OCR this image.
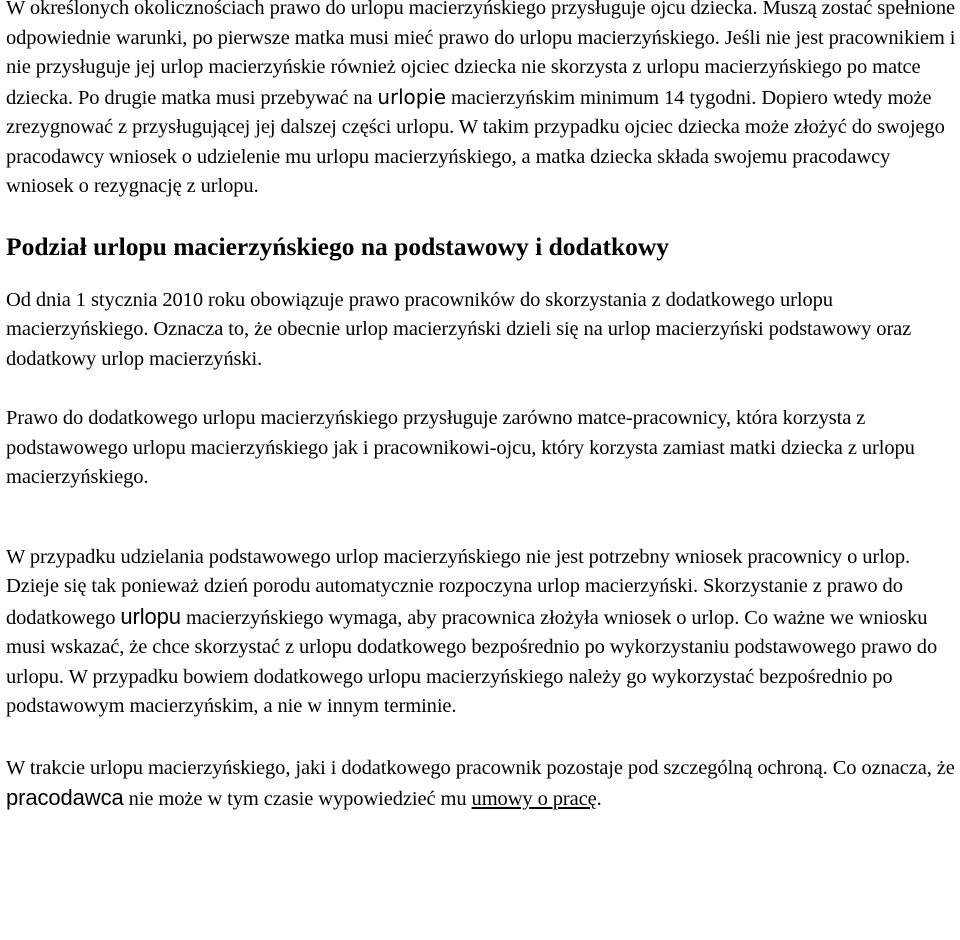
W określonych okolicznościach prawo do urlopu macierzyńskiego przysługuje ojcu dziecka. Muszą zostać spełnione odpowiednie warunki, po pierwsze matka musi mieć prawo do urlopu macierzyńskiego. Jeśli nie jest pracownikiem i nie przysługuje jej urlop macierzyńskie również ojciec dziecka nie skorzysta z urlopu macierzyńskiego po matce dziecka. Po drugie matka musi przebywać na urlopie macierzyńskim minimum 14 tygodni. Dopiero wtedy może zrezygnować z przysługującej jej dalszej części urlopu. W takim przypadku ojciec dziecka może złożyć do swojego pracodawcy wniosek o udzielenie mu urlopu macierzyńskiego, a matka dziecka składa swojemu pracodawcy wniosek o rezygnację z urlopu.

Podział urlopu macierzyńskiego na podstawowy i dodatkowy

Od dnia 1 stycznia 2010 roku obowiązuje prawo pracowników do skorzystania z dodatkowego urlopu macierzyńskiego. Oznacza to, że obecnie urlop macierzyński dzieli się na urlop macierzyński podstawowy oraz dodatkowy urlop macierzyński.

Prawo do dodatkowego urlopu macierzyńskiego przysługuje zarówno matce-pracownicy, która korzysta z podstawowego urlopu macierzyńskiego jak i pracownikowi-ojcu, który korzysta zamiast matki dziecka z urlopu macierzyńskiego.

W przypadku udzielania podstawowego urlop macierzyńskiego nie jest potrzebny wniosek pracownicy o urlop. Dzieje się tak ponieważ dzień porodu automatycznie rozpoczyna urlop macierzyński. Skorzystanie z prawo do dodatkowego urlopu macierzyńskiego wymaga, aby pracownica złożyła wniosek o urlop. Co ważne we wniosku musi wskazać, że chce skorzystać z urlopu dodatkowego bezpośrednio po wykorzystaniu podstawowego prawo do urlopu. W przypadku bowiem dodatkowego urlopu macierzyńskiego należy go wykorzystać bezpośrednio po podstawowym macierzyńskim, a nie w innym terminie.

W trakcie urlopu macierzyńskiego, jaki i dodatkowego pracownik pozostaje pod szczególną ochroną. Co oznacza, że pracodawca nie może w tym czasie wypowiedzieć mu umowy o pracę.
